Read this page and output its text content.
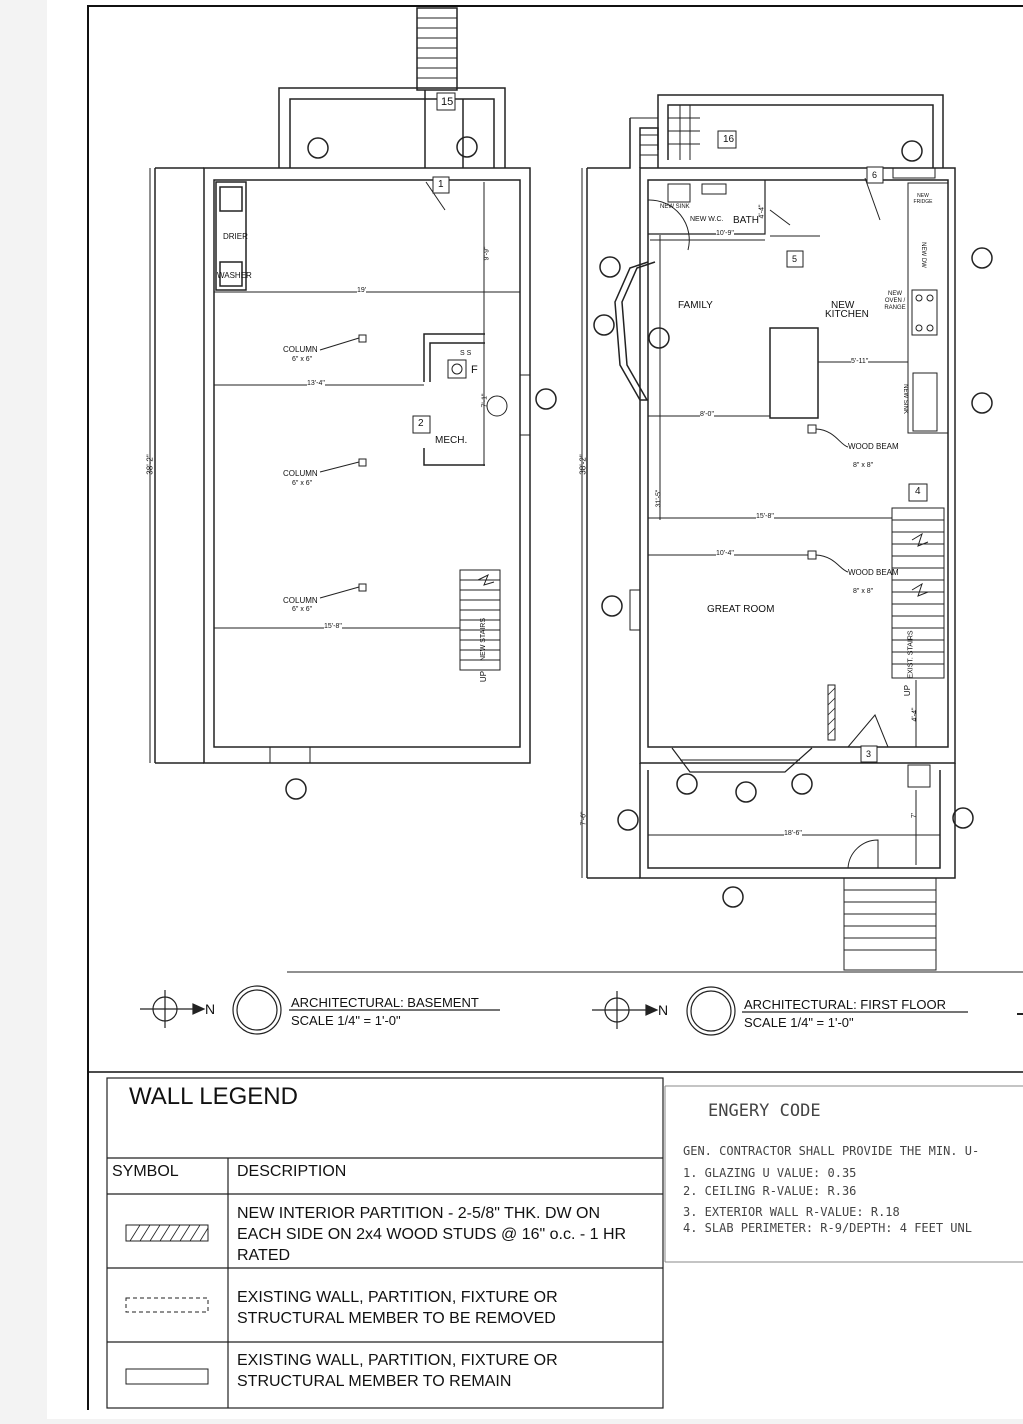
15
1
DRIER
WASHER
19'
9'-9"
COLUMN
6" x 6"
S S
F
13'-4"
7'-1"
2
MECH.
38'-2"	COLUMN
6" x 6"
COLUMN
6" x 6"
15'-8"	NEW STAIRS
UP
16
6
NEW SINK
NEW W.C. BATH
4'-4"
10'-9"
NEW FRIDGE
NEW DW
5
FAMILY	NEW
KITCHEN
NEW OVEN / RANGE
5'-11"
NEW SINK
8'-0"
WOOD BEAM
8" x 8"
38'-2"
4
31'-5"
15'-8"
10'-4"
WOOD BEAM
8" x 8"
GREAT ROOM
EXIST. STAIRS
UP
4'-4"
3
7'-6"	7'
18'-6"
N	ARCHITECTURAL: BASEMENT
SCALE 1/4" = 1'-0"
N	ARCHITECTURAL: FIRST FLOOR
SCALE 1/4" = 1'-0"
WALL LEGEND
SYMBOL	DESCRIPTION
NEW INTERIOR PARTITION - 2-5/8" THK. DW ON
EACH SIDE ON 2x4 WOOD STUDS @ 16" o.c. - 1 HR
RATED
EXISTING WALL, PARTITION, FIXTURE OR
STRUCTURAL MEMBER TO BE REMOVED
EXISTING WALL, PARTITION, FIXTURE OR
STRUCTURAL MEMBER TO REMAIN
ENGERY CODE
GEN. CONTRACTOR SHALL PROVIDE THE MIN. U-
1. GLAZING U VALUE: 0.35
2. CEILING R-VALUE: R.36
3. EXTERIOR WALL R-VALUE: R.18
4. SLAB PERIMETER: R-9/DEPTH: 4 FEET UNL
